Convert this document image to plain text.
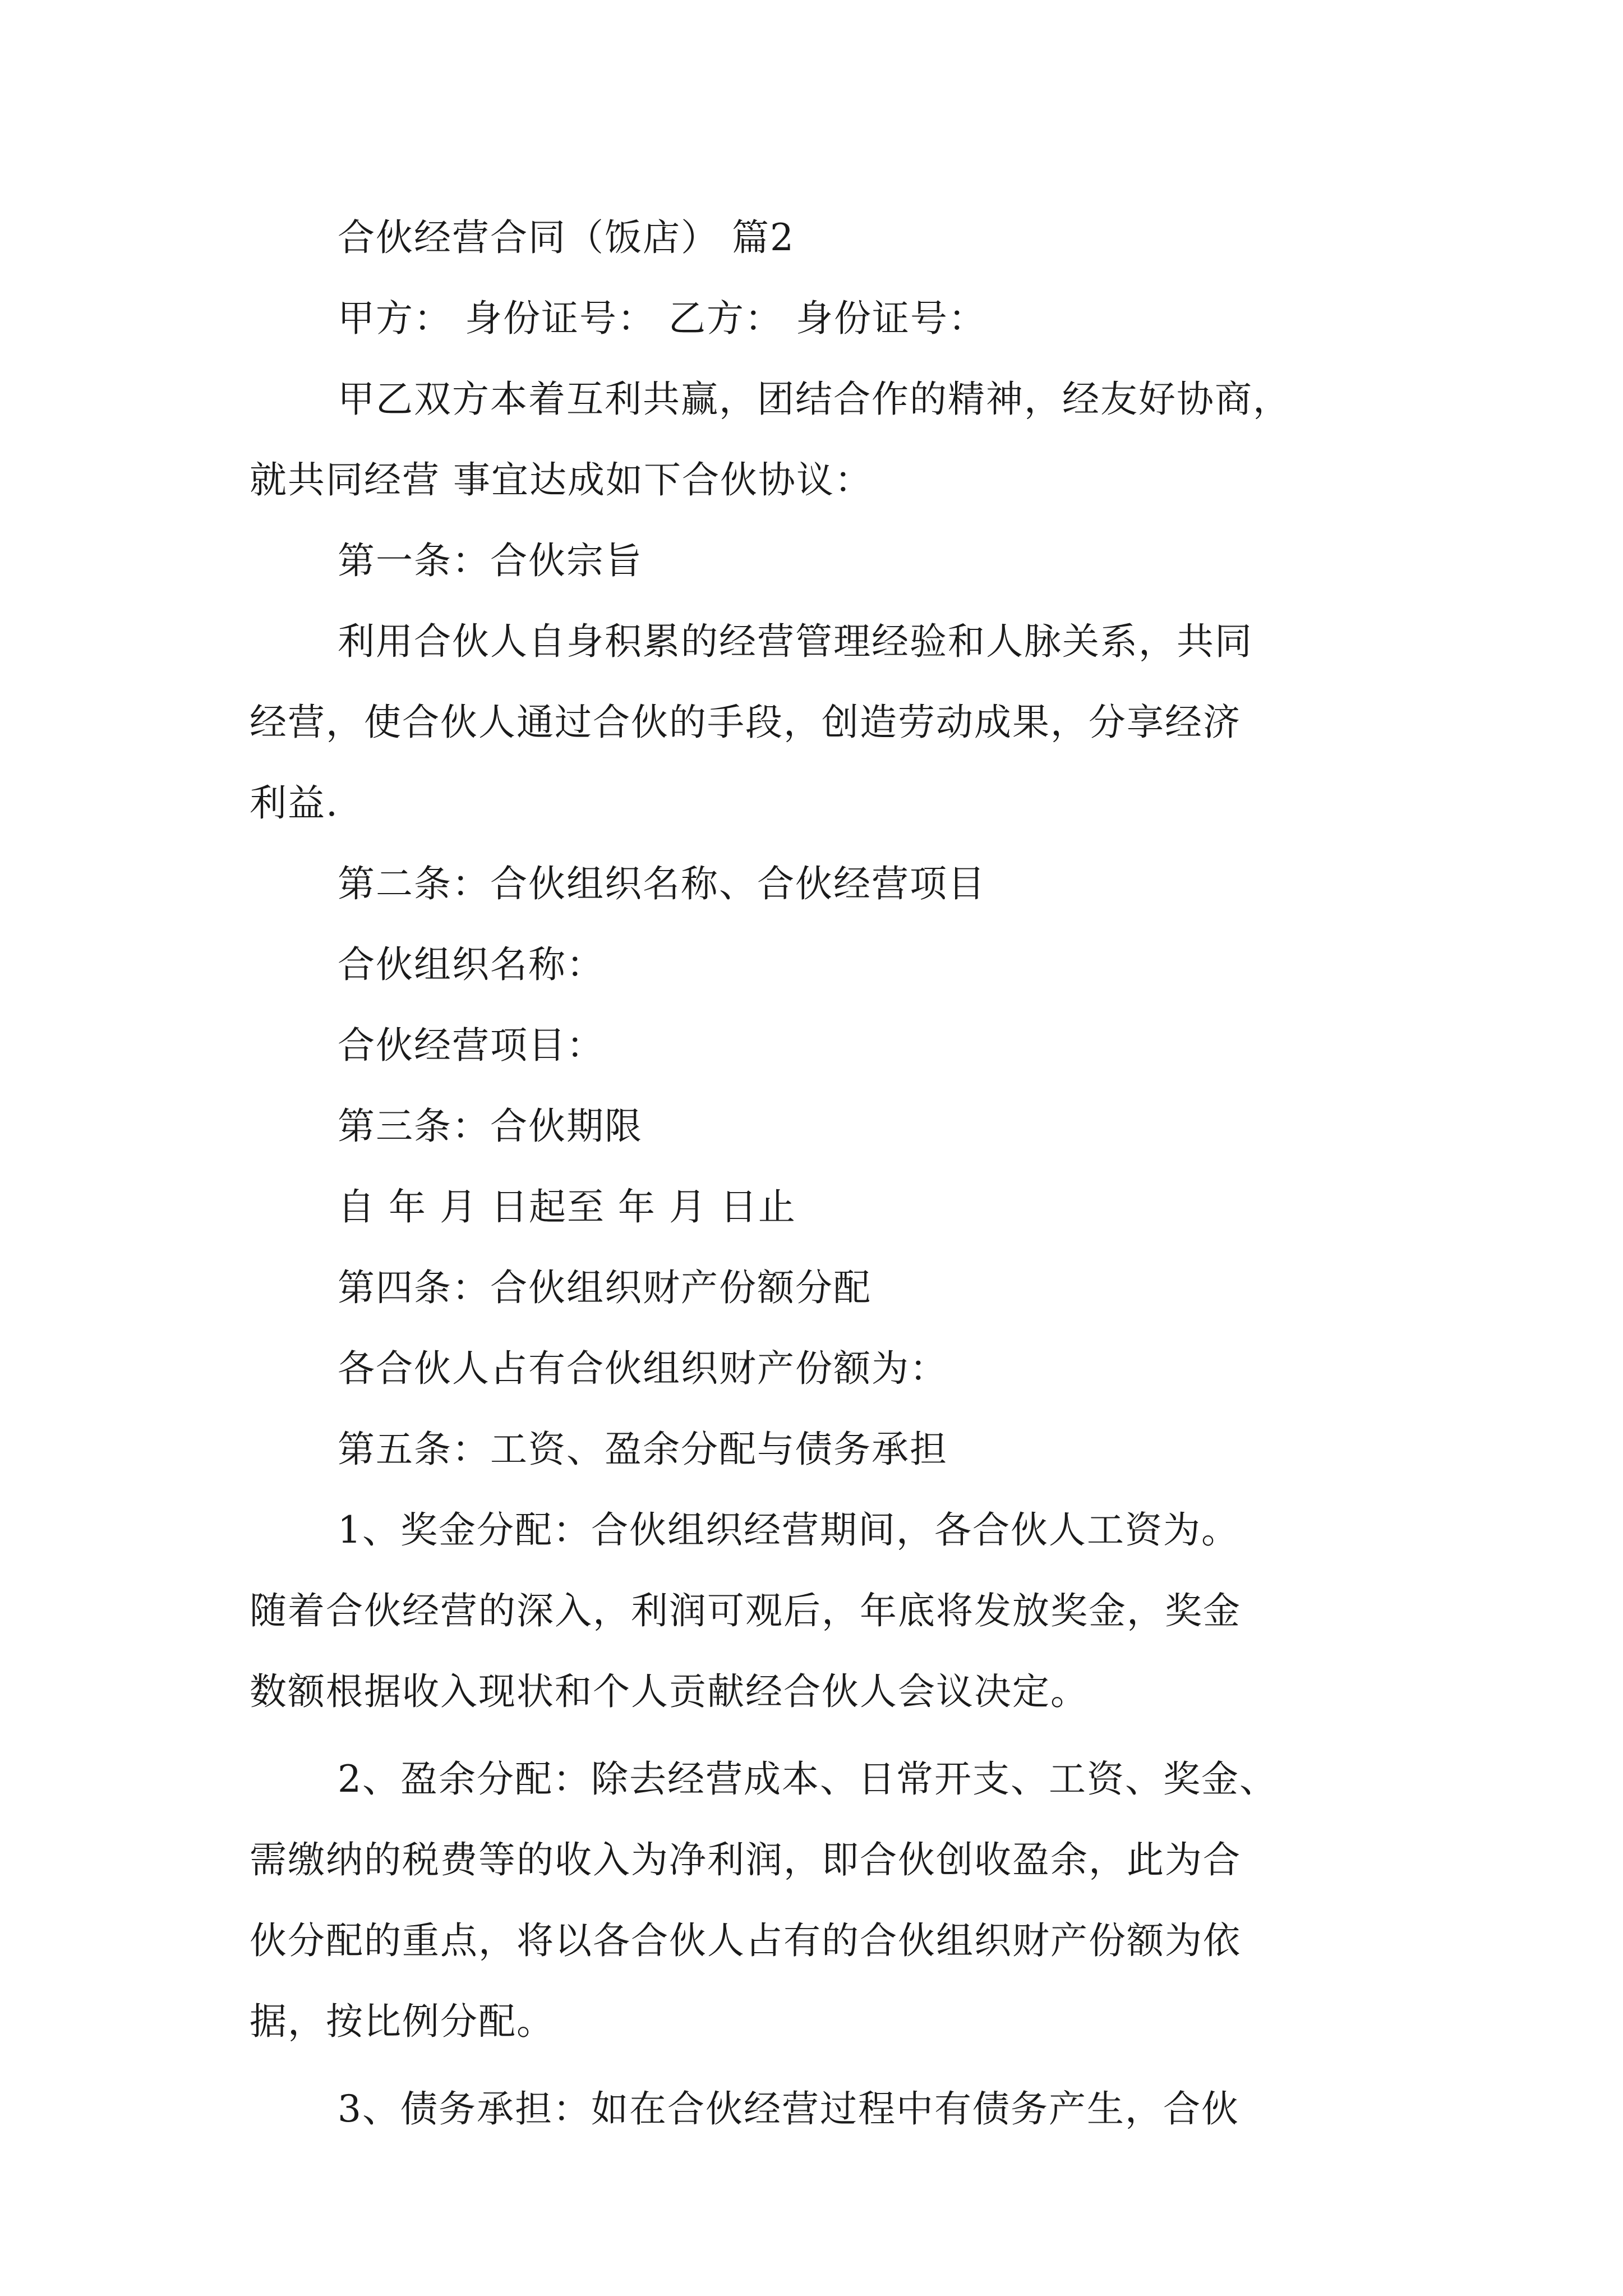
合伙经营合同（饭店） 篇2

甲方： 身份证号： 乙方： 身份证号：

甲乙双方本着互利共赢，团结合作的精神，经友好协商，

就共同经营 事宜达成如下合伙协议：

第一条：合伙宗旨

利用合伙人自身积累的经营管理经验和人脉关系，共同

经营，使合伙人通过合伙的手段，创造劳动成果，分享经济

利益.

第二条：合伙组织名称、合伙经营项目

合伙组织名称：

合伙经营项目：

第三条：合伙期限

自 年 月 日起至 年 月 日止

第四条：合伙组织财产份额分配

各合伙人占有合伙组织财产份额为：

第五条：工资、盈余分配与债务承担

1、奖金分配：合伙组织经营期间，各合伙人工资为。

随着合伙经营的深入，利润可观后，年底将发放奖金，奖金

数额根据收入现状和个人贡献经合伙人会议决定。

2、盈余分配：除去经营成本、日常开支、工资、奖金、

需缴纳的税费等的收入为净利润，即合伙创收盈余，此为合

伙分配的重点，将以各合伙人占有的合伙组织财产份额为依

据，按比例分配。

3、债务承担：如在合伙经营过程中有债务产生，合伙
